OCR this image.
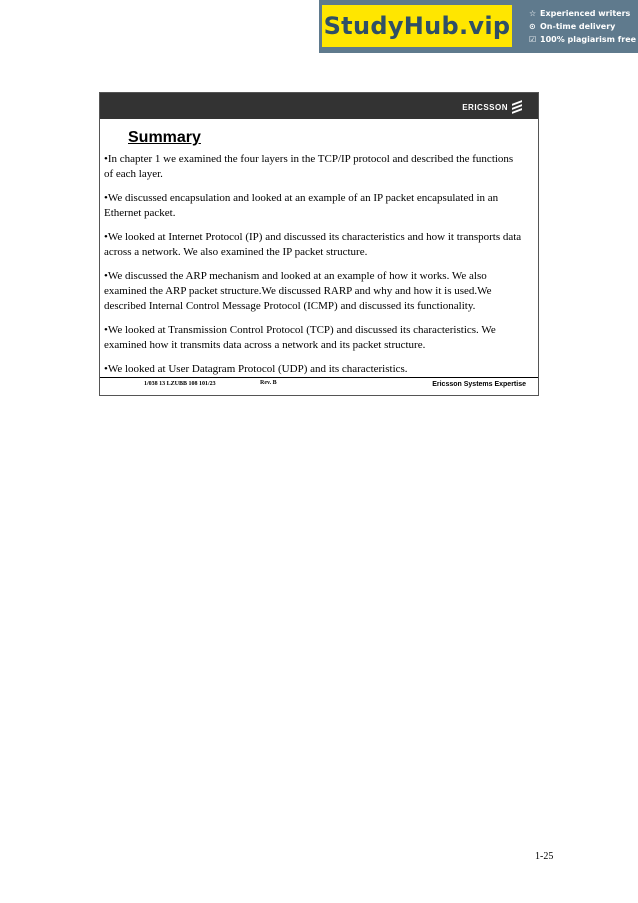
StudyHub.vip ☆ Experienced writers
⊙ On-time delivery
☑ 100% plagiarism free
ERICSSON
Summary

•In chapter 1 we examined the four layers in the TCP/IP protocol and described the functions of each layer.

•We discussed encapsulation and looked at an example of an IP packet encapsulated in an Ethernet packet.

•We looked at Internet Protocol (IP) and discussed its characteristics and how it transports data across a network. We also examined the IP packet structure.

•We discussed the ARP mechanism and looked at an example of how it works. We also examined the ARP packet structure.We discussed RARP and why and how it is used.We described Internal Control Message Protocol (ICMP) and discussed its functionality.

•We looked at Transmission Control Protocol (TCP) and discussed its characteristics. We examined how it transmits data across a network and its packet structure.

•We looked at User Datagram Protocol (UDP) and its characteristics.

1/038 13 LZUBB 108 101/23	Rev. B	Ericsson Systems Expertise
1-25
